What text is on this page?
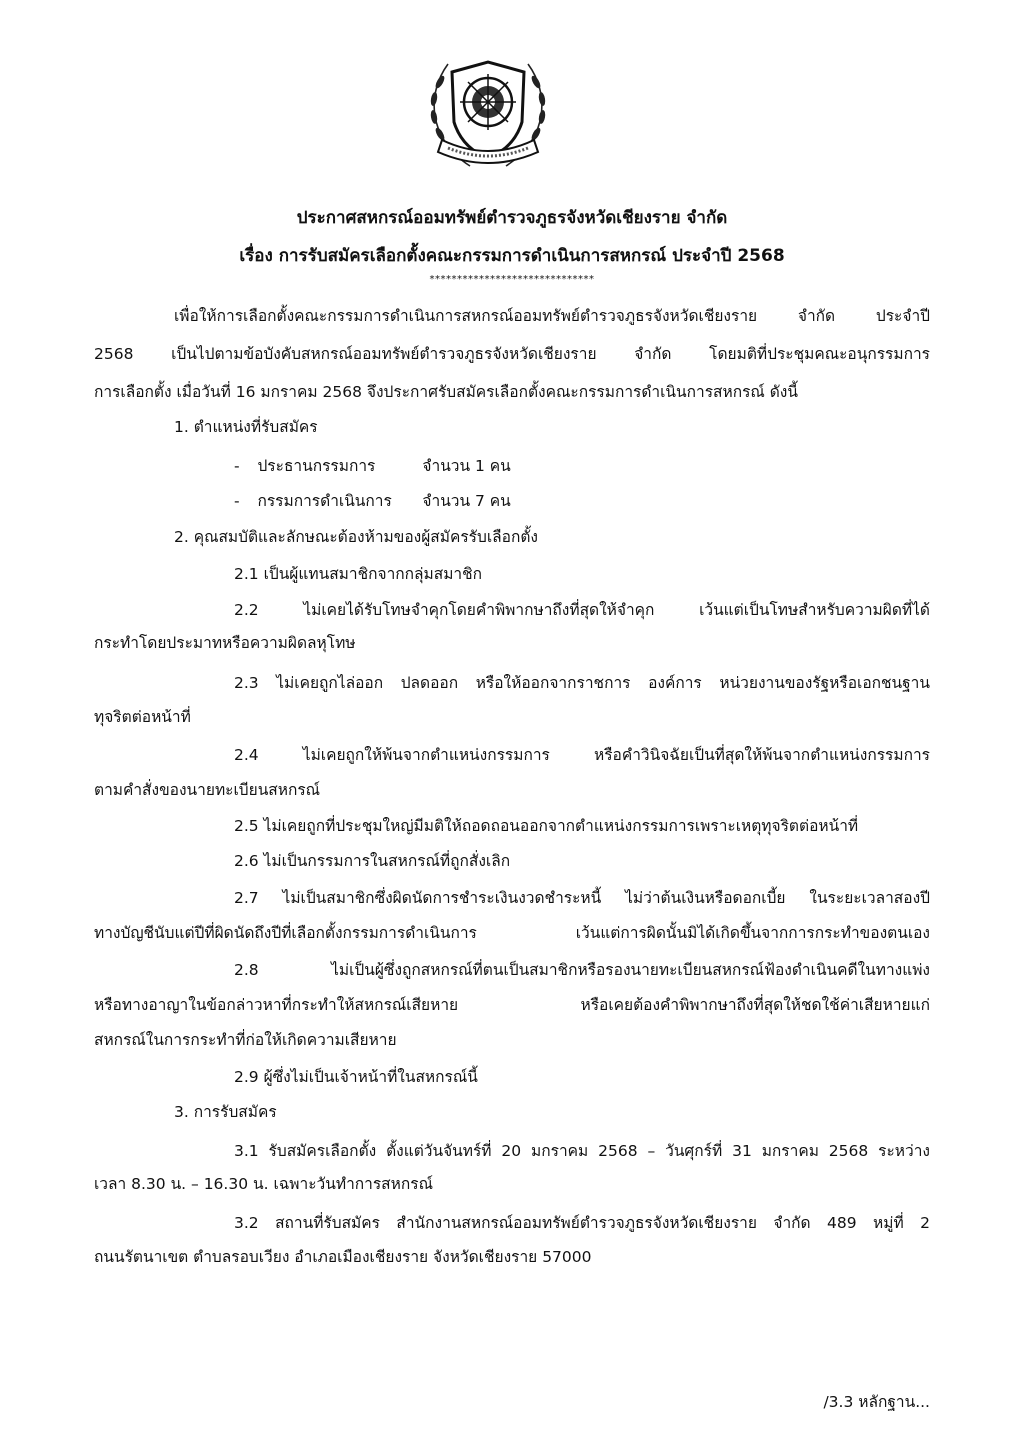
ประกาศสหกรณ์ออมทรัพย์ตำรวจภูธรจังหวัดเชียงราย จำกัด
เรื่อง การรับสมัครเลือกตั้งคณะกรรมการดำเนินการสหกรณ์ ประจำปี 2568
******************************
เพื่อให้การเลือกตั้งคณะกรรมการดำเนินการสหกรณ์ออมทรัพย์ตำรวจภูธรจังหวัดเชียงราย จำกัด ประจำปี
2568 เป็นไปตามข้อบังคับสหกรณ์ออมทรัพย์ตำรวจภูธรจังหวัดเชียงราย จำกัด โดยมติที่ประชุมคณะอนุกรรมการ
การเลือกตั้ง เมื่อวันที่ 16 มกราคม 2568 จึงประกาศรับสมัครเลือกตั้งคณะกรรมการดำเนินการสหกรณ์ ดังนี้
1. ตำแหน่งที่รับสมัคร
- ประธานกรรมการ	จำนวน 1 คน
- กรรมการดำเนินการ จำนวน 7 คน
2. คุณสมบัติและลักษณะต้องห้ามของผู้สมัครรับเลือกตั้ง
2.1 เป็นผู้แทนสมาชิกจากกลุ่มสมาชิก
2.2 ไม่เคยได้รับโทษจำคุกโดยคำพิพากษาถึงที่สุดให้จำคุก เว้นแต่เป็นโทษสำหรับความผิดที่ได้
กระทำโดยประมาทหรือความผิดลหุโทษ
2.3 ไม่เคยถูกไล่ออก ปลดออก หรือให้ออกจากราชการ องค์การ หน่วยงานของรัฐหรือเอกชนฐาน
ทุจริตต่อหน้าที่
2.4 ไม่เคยถูกให้พ้นจากตำแหน่งกรรมการ หรือคำวินิจฉัยเป็นที่สุดให้พ้นจากตำแหน่งกรรมการ
ตามคำสั่งของนายทะเบียนสหกรณ์
2.5 ไม่เคยถูกที่ประชุมใหญ่มีมติให้ถอดถอนออกจากตำแหน่งกรรมการเพราะเหตุทุจริตต่อหน้าที่
2.6 ไม่เป็นกรรมการในสหกรณ์ที่ถูกสั่งเลิก
2.7 ไม่เป็นสมาชิกซึ่งผิดนัดการชำระเงินงวดชำระหนี้ ไม่ว่าต้นเงินหรือดอกเบี้ย ในระยะเวลาสองปี
ทางบัญชีนับแต่ปีที่ผิดนัดถึงปีที่เลือกตั้งกรรมการดำเนินการ เว้นแต่การผิดนั้นมิได้เกิดขึ้นจากการกระทำของตนเอง
2.8 ไม่เป็นผู้ซึ่งถูกสหกรณ์ที่ตนเป็นสมาชิกหรือรองนายทะเบียนสหกรณ์ฟ้องดำเนินคดีในทางแพ่ง
หรือทางอาญาในข้อกล่าวหาที่กระทำให้สหกรณ์เสียหาย หรือเคยต้องคำพิพากษาถึงที่สุดให้ชดใช้ค่าเสียหายแก่
สหกรณ์ในการกระทำที่ก่อให้เกิดความเสียหาย
2.9 ผู้ซึ่งไม่เป็นเจ้าหน้าที่ในสหกรณ์นี้
3. การรับสมัคร
3.1 รับสมัครเลือกตั้ง ตั้งแต่วันจันทร์ที่ 20 มกราคม 2568 – วันศุกร์ที่ 31 มกราคม 2568 ระหว่าง
เวลา 8.30 น. – 16.30 น. เฉพาะวันทำการสหกรณ์
3.2 สถานที่รับสมัคร สำนักงานสหกรณ์ออมทรัพย์ตำรวจภูธรจังหวัดเชียงราย จำกัด 489 หมู่ที่ 2
ถนนรัตนาเขต ตำบลรอบเวียง อำเภอเมืองเชียงราย จังหวัดเชียงราย 57000
/3.3 หลักฐาน...
